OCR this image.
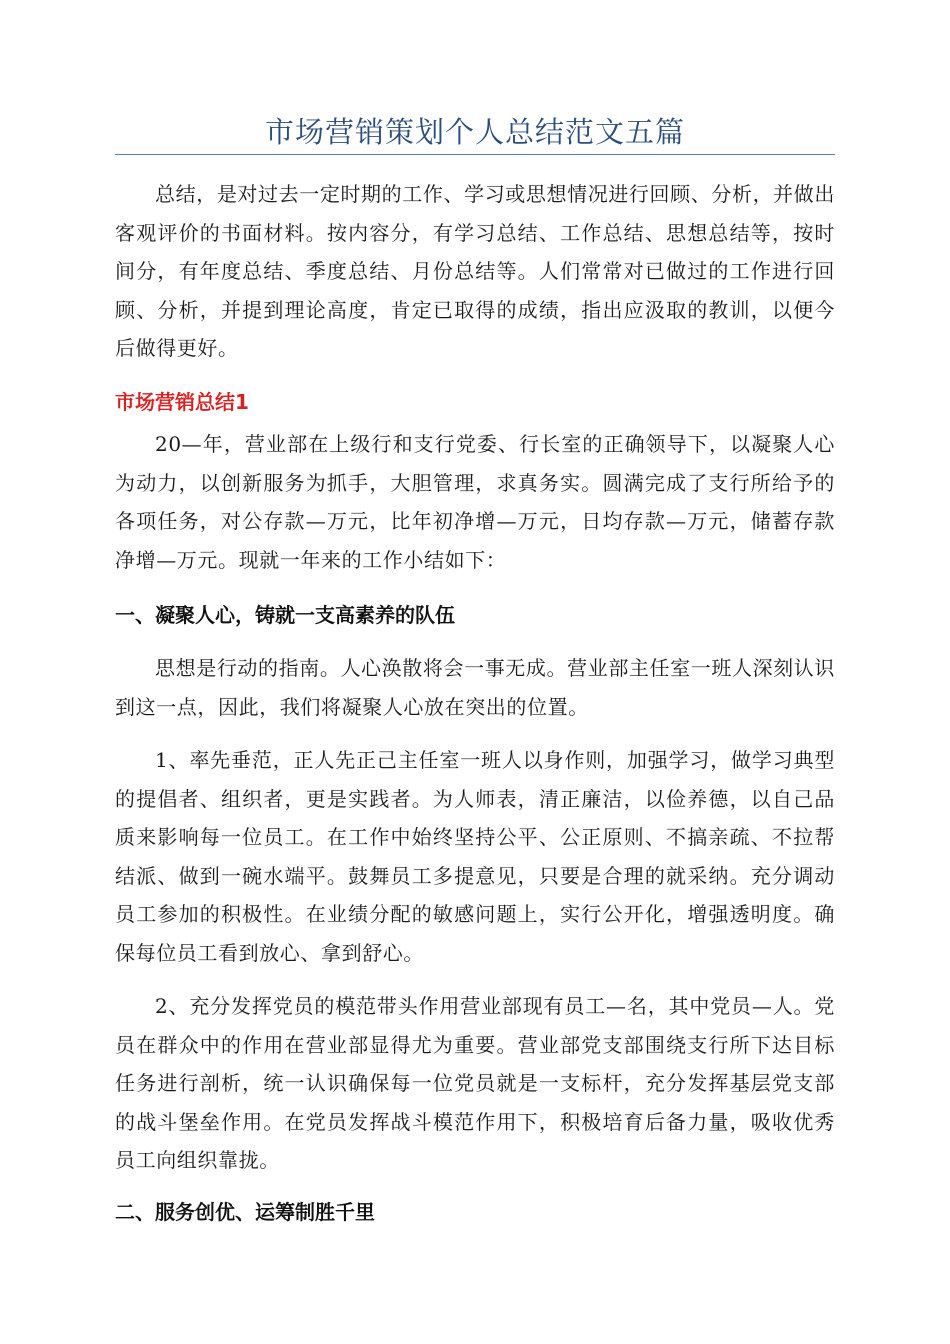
市场营销策划个人总结范文五篇

总结，是对过去一定时期的工作、学习或思想情况进行回顾、分析，并做出客观评价的书面材料。按内容分，有学习总结、工作总结、思想总结等，按时间分，有年度总结、季度总结、月份总结等。人们常常对已做过的工作进行回顾、分析，并提到理论高度，肯定已取得的成绩，指出应汲取的教训，以便今后做得更好。

市场营销总结1

20—年，营业部在上级行和支行党委、行长室的正确领导下，以凝聚人心为动力，以创新服务为抓手，大胆管理，求真务实。圆满完成了支行所给予的各项任务，对公存款—万元，比年初净增—万元，日均存款—万元，储蓄存款净增—万元。现就一年来的工作小结如下：

一、凝聚人心，铸就一支高素养的队伍

思想是行动的指南。人心涣散将会一事无成。营业部主任室一班人深刻认识到这一点，因此，我们将凝聚人心放在突出的位置。

1、率先垂范，正人先正己主任室一班人以身作则，加强学习，做学习典型的提倡者、组织者，更是实践者。为人师表，清正廉洁，以俭养德，以自己品质来影响每一位员工。在工作中始终坚持公平、公正原则、不搞亲疏、不拉帮结派、做到一碗水端平。鼓舞员工多提意见，只要是合理的就采纳。充分调动员工参加的积极性。在业绩分配的敏感问题上，实行公开化，增强透明度。确保每位员工看到放心、拿到舒心。

2、充分发挥党员的模范带头作用营业部现有员工—名，其中党员—人。党员在群众中的作用在营业部显得尤为重要。营业部党支部围绕支行所下达目标任务进行剖析，统一认识确保每一位党员就是一支标杆，充分发挥基层党支部的战斗堡垒作用。在党员发挥战斗模范作用下，积极培育后备力量，吸收优秀员工向组织靠拢。

二、服务创优、运筹制胜千里
